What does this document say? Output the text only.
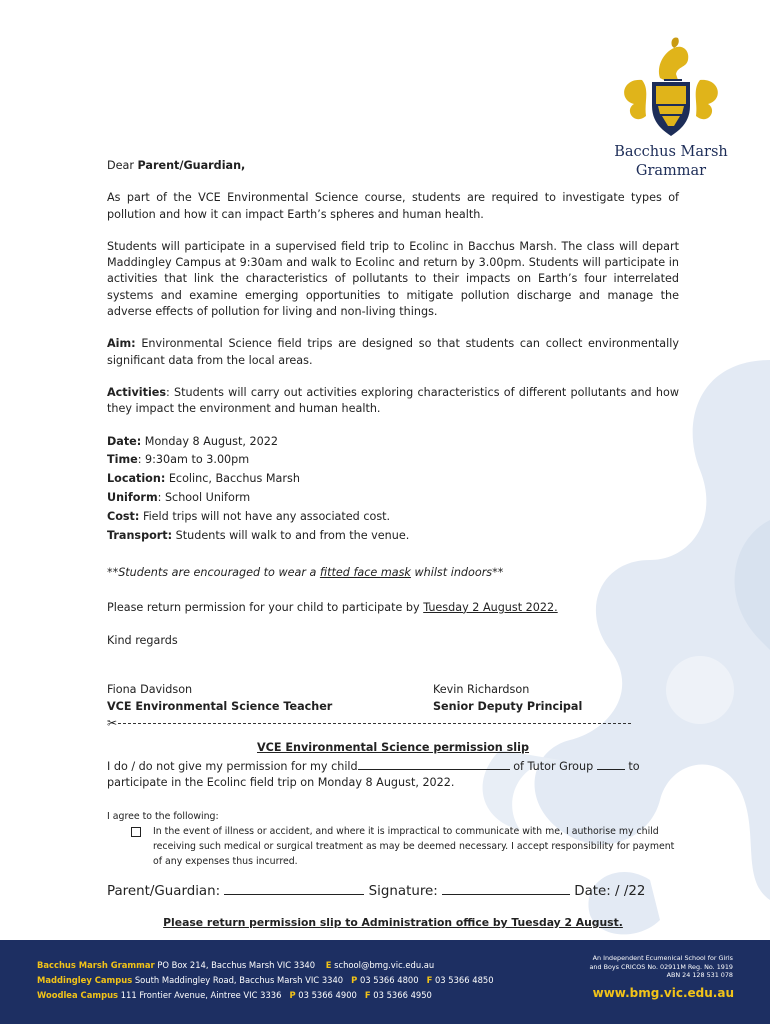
Bacchus Marsh
Grammar

Dear Parent/Guardian,

As part of the VCE Environmental Science course, students are required to investigate types of pollution and how it can impact Earth’s spheres and human health.

Students will participate in a supervised field trip to Ecolinc in Bacchus Marsh. The class will depart Maddingley Campus at 9:30am and walk to Ecolinc and return by 3.00pm. Students will participate in activities that link the characteristics of pollutants to their impacts on Earth’s four interrelated systems and examine emerging opportunities to mitigate pollution discharge and manage the adverse effects of pollution for living and non-living things.

Aim: Environmental Science field trips are designed so that students can collect environmentally significant data from the local areas.

Activities: Students will carry out activities exploring characteristics of different pollutants and how they impact the environment and human health.

Date: Monday 8 August, 2022

Time: 9:30am to 3.00pm

Location: Ecolinc, Bacchus Marsh

Uniform: School Uniform

Cost: Field trips will not have any associated cost.

Transport: Students will walk to and from the venue.

**Students are encouraged to wear a fitted face mask whilst indoors**

Please return permission for your child to participate by Tuesday 2 August 2022.

Kind regards

Fiona Davidson

VCE Environmental Science Teacher

Kevin Richardson

Senior Deputy Principal

✂

VCE Environmental Science permission slip

I do / do not give my permission for my child	of Tutor Group	to

participate in the Ecolinc field trip on Monday 8 August, 2022.

I agree to the following:

In the event of illness or accident, and where it is impractical to communicate with me, I authorise my child receiving such medical or surgical treatment as may be deemed necessary. I accept responsibility for payment of any expenses thus incurred.

Parent/Guardian:	Signature:	Date: / /22

Please return permission slip to Administration office by Tuesday 2 August.

Bacchus Marsh Grammar PO Box 214, Bacchus Marsh VIC 3340 E school@bmg.vic.edu.au
Maddingley Campus South Maddingley Road, Bacchus Marsh VIC 3340 P 03 5366 4800 F 03 5366 4850
Woodlea Campus 111 Frontier Avenue, Aintree VIC 3336 P 03 5366 4900 F 03 5366 4950
An Independent Ecumenical School for Girls
and Boys CRICOS No. 02911M Reg. No. 1919
ABN 24 128 531 078
www.bmg.vic.edu.au
